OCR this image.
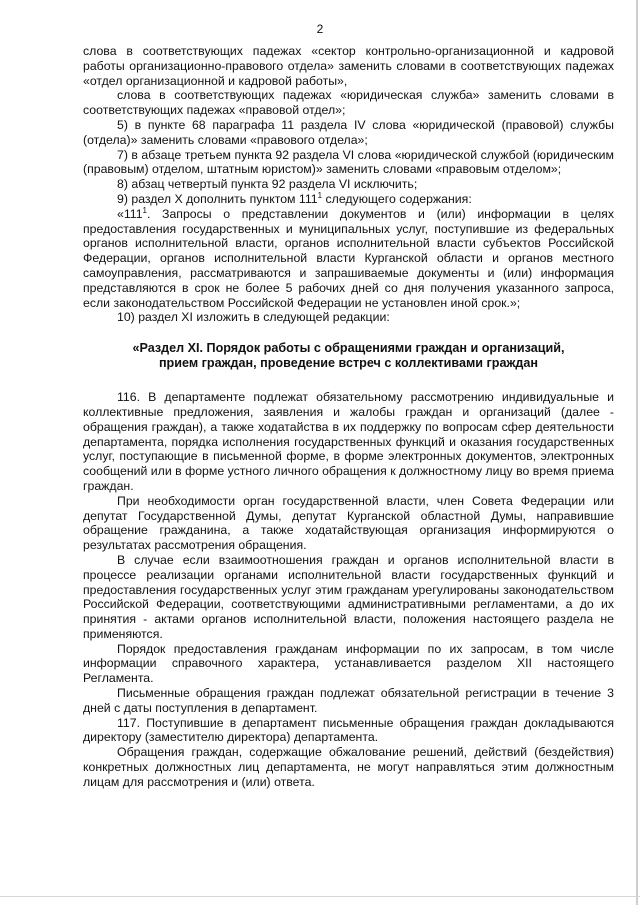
2

слова в соответствующих падежах «сектор контрольно-организационной и кадровой работы организационно-правового отдела» заменить словами в соответствующих падежах «отдел организационной и кадровой работы»,

слова в соответствующих падежах «юридическая служба» заменить словами в соответствующих падежах «правовой отдел»;

5) в пункте 68 параграфа 11 раздела IV слова «юридической (правовой) службы (отдела)» заменить словами «правового отдела»;

7) в абзаце третьем пункта 92 раздела VI слова «юридической службой (юридическим (правовым) отделом, штатным юристом)» заменить словами «правовым отделом»;

8) абзац четвертый пункта 92 раздела VI исключить;

9) раздел X дополнить пунктом $111^1$ следующего содержания:

«$111^1$. Запросы о представлении документов и (или) информации в целях предоставления государственных и муниципальных услуг, поступившие из федеральных органов исполнительной власти, органов исполнительной власти субъектов Российской Федерации, органов исполнительной власти Курганской области и органов местного самоуправления, рассматриваются и запрашиваемые документы и (или) информация представляются в срок не более 5 рабочих дней со дня получения указанного запроса, если законодательством Российской Федерации не установлен иной срок.»;

10) раздел XI изложить в следующей редакции:

«Раздел XI. Порядок работы с обращениями граждан и организаций,
прием граждан, проведение встреч с коллективами граждан

116. В департаменте подлежат обязательному рассмотрению индивидуальные и коллективные предложения, заявления и жалобы граждан и организаций (далее - обращения граждан), а также ходатайства в их поддержку по вопросам сфер деятельности департамента, порядка исполнения государственных функций и оказания государственных услуг, поступающие в письменной форме, в форме электронных документов, электронных сообщений или в форме устного личного обращения к должностному лицу во время приема граждан.

При необходимости орган государственной власти, член Совета Федерации или депутат Государственной Думы, депутат Курганской областной Думы, направившие обращение гражданина, а также ходатайствующая организация информируются о результатах рассмотрения обращения.

В случае если взаимоотношения граждан и органов исполнительной власти в процессе реализации органами исполнительной власти государственных функций и предоставления государственных услуг этим гражданам урегулированы законодательством Российской Федерации, соответствующими административными регламентами, а до их принятия - актами органов исполнительной власти, положения настоящего раздела не применяются.

Порядок предоставления гражданам информации по их запросам, в том числе информации справочного характера, устанавливается разделом XII настоящего Регламента.

Письменные обращения граждан подлежат обязательной регистрации в течение 3 дней с даты поступления в департамент.

117. Поступившие в департамент письменные обращения граждан докладываются директору (заместителю директора) департамента.

Обращения граждан, содержащие обжалование решений, действий (бездействия) конкретных должностных лиц департамента, не могут направляться этим должностным лицам для рассмотрения и (или) ответа.
